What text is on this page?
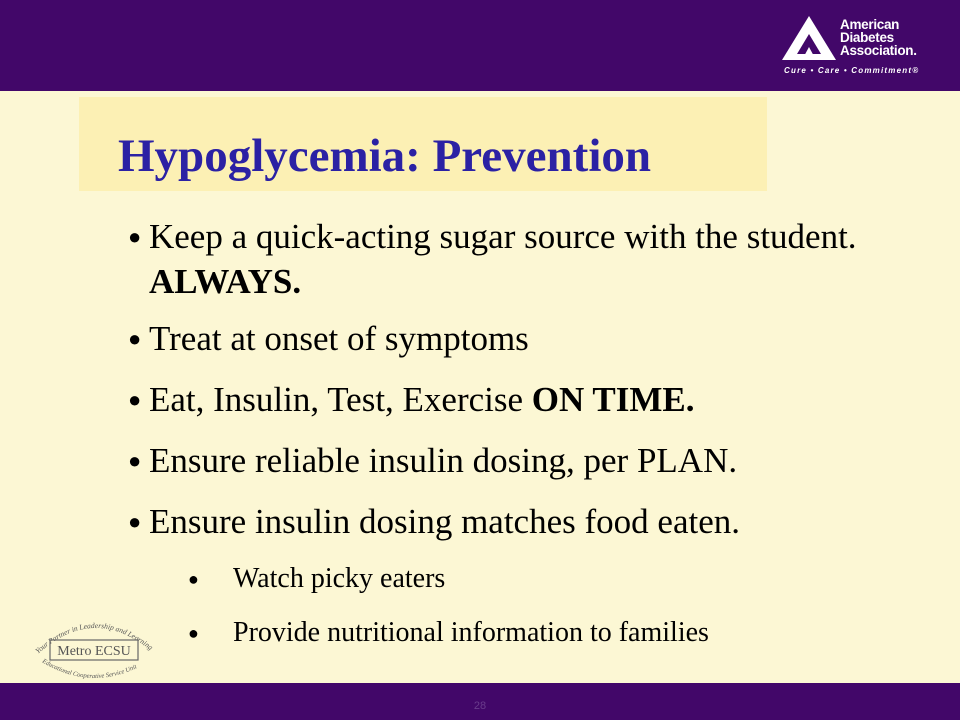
American
Diabetes
Association.
Cure • Care • Commitment®
Hypoglycemia: Prevention
●
Keep a quick-acting sugar source with the student. ALWAYS.
●
Treat at onset of symptoms
●
Eat, Insulin, Test, Exercise ON TIME.
●
Ensure reliable insulin dosing, per PLAN.
●
Ensure insulin dosing matches food eaten.
●
Watch picky eaters
●
Provide nutritional information to families
Your Partner in Leadership and Learning
Metro ECSU
Educational Cooperative Service Unit
28
